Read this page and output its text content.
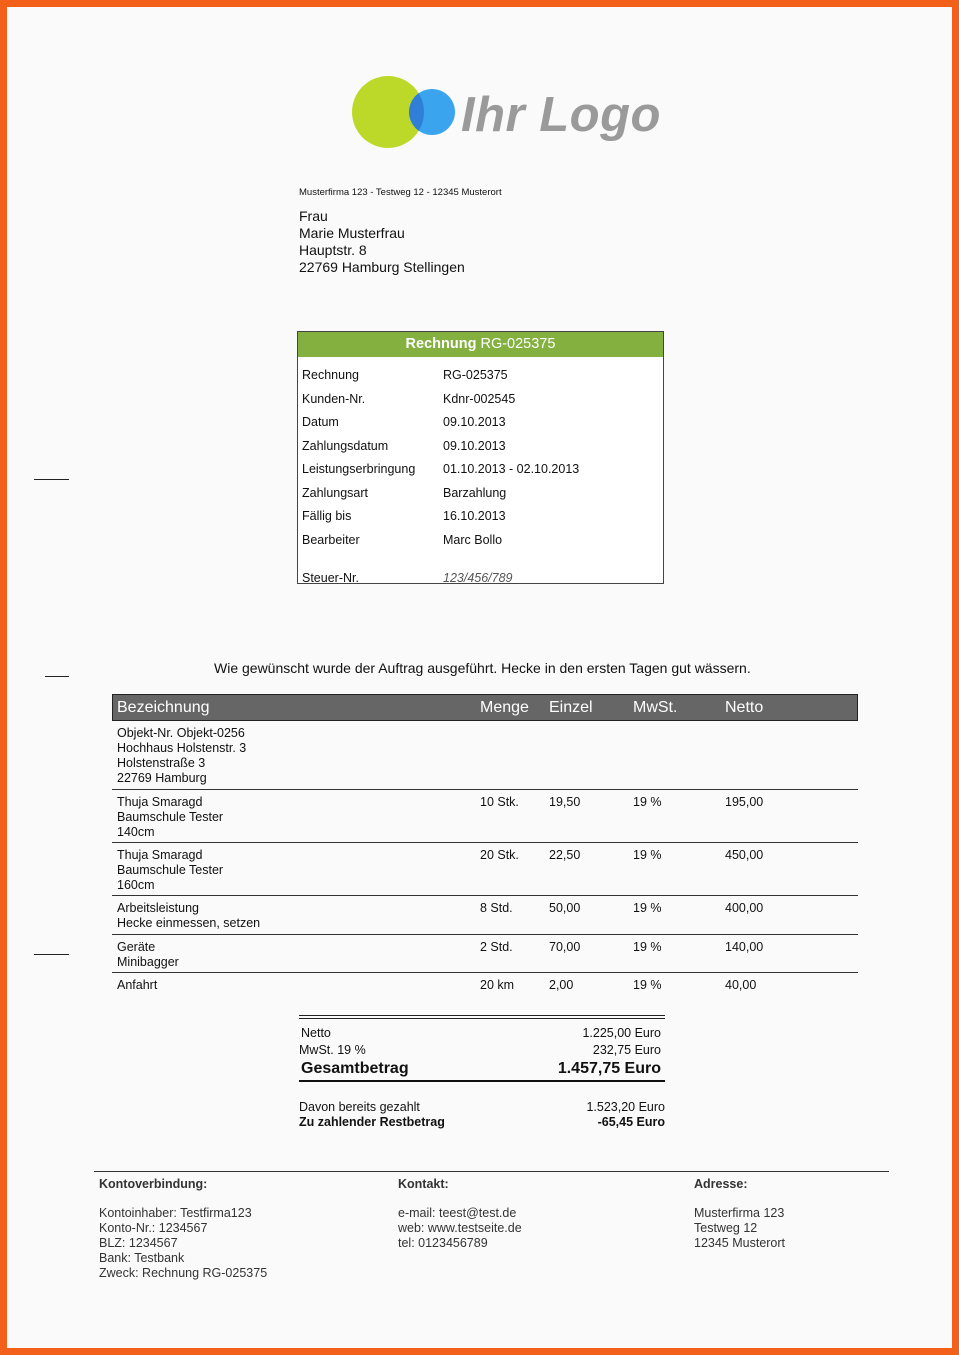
Ihr Logo
Musterfirma 123 - Testweg 12 - 12345 Musterort
Frau
Marie Musterfrau
Hauptstr. 8
22769 Hamburg Stellingen
Rechnung RG-025375
Rechnung	RG-025375
Kunden-Nr.	Kdnr-002545
Datum	09.10.2013
Zahlungsdatum	09.10.2013
Leistungserbringung 01.10.2013 - 02.10.2013
Zahlungsart	Barzahlung
Fällig bis	16.10.2013
Bearbeiter	Marc Bollo
Steuer-Nr.	123/456/789
Wie gewünscht wurde der Auftrag ausgeführt. Hecke in den ersten Tagen gut wässern.
Bezeichnung	Menge Einzel	MwSt.	Netto
Objekt-Nr. Objekt-0256
Hochhaus Holstenstr. 3
Holstenstraße 3
22769 Hamburg
Thuja Smaragd
Baumschule Tester
140cm
10 Stk. 19,50	19 %	195,00
Thuja Smaragd
Baumschule Tester
160cm
20 Stk. 22,50	19 %	450,00
Arbeitsleistung
Hecke einmessen, setzen
8 Std.	50,00	19 %	400,00
Geräte
Minibagger
2 Std.	70,00	19 %	140,00
Anfahrt	20 km	2,00	19 %	40,00
Netto	1.225,00 Euro
MwSt. 19 %	232,75 Euro
Gesamtbetrag	1.457,75 Euro
Davon bereits gezahlt	1.523,20 Euro
Zu zahlender Restbetrag	-65,45 Euro
Kontoverbindung:
Kontoinhaber: Testfirma123
Konto-Nr.: 1234567
BLZ: 1234567
Bank: Testbank
Zweck: Rechnung RG-025375
Kontakt:
e-mail: teest@test.de
web: www.testseite.de
tel: 0123456789
Adresse:
Musterfirma 123
Testweg 12
12345 Musterort
